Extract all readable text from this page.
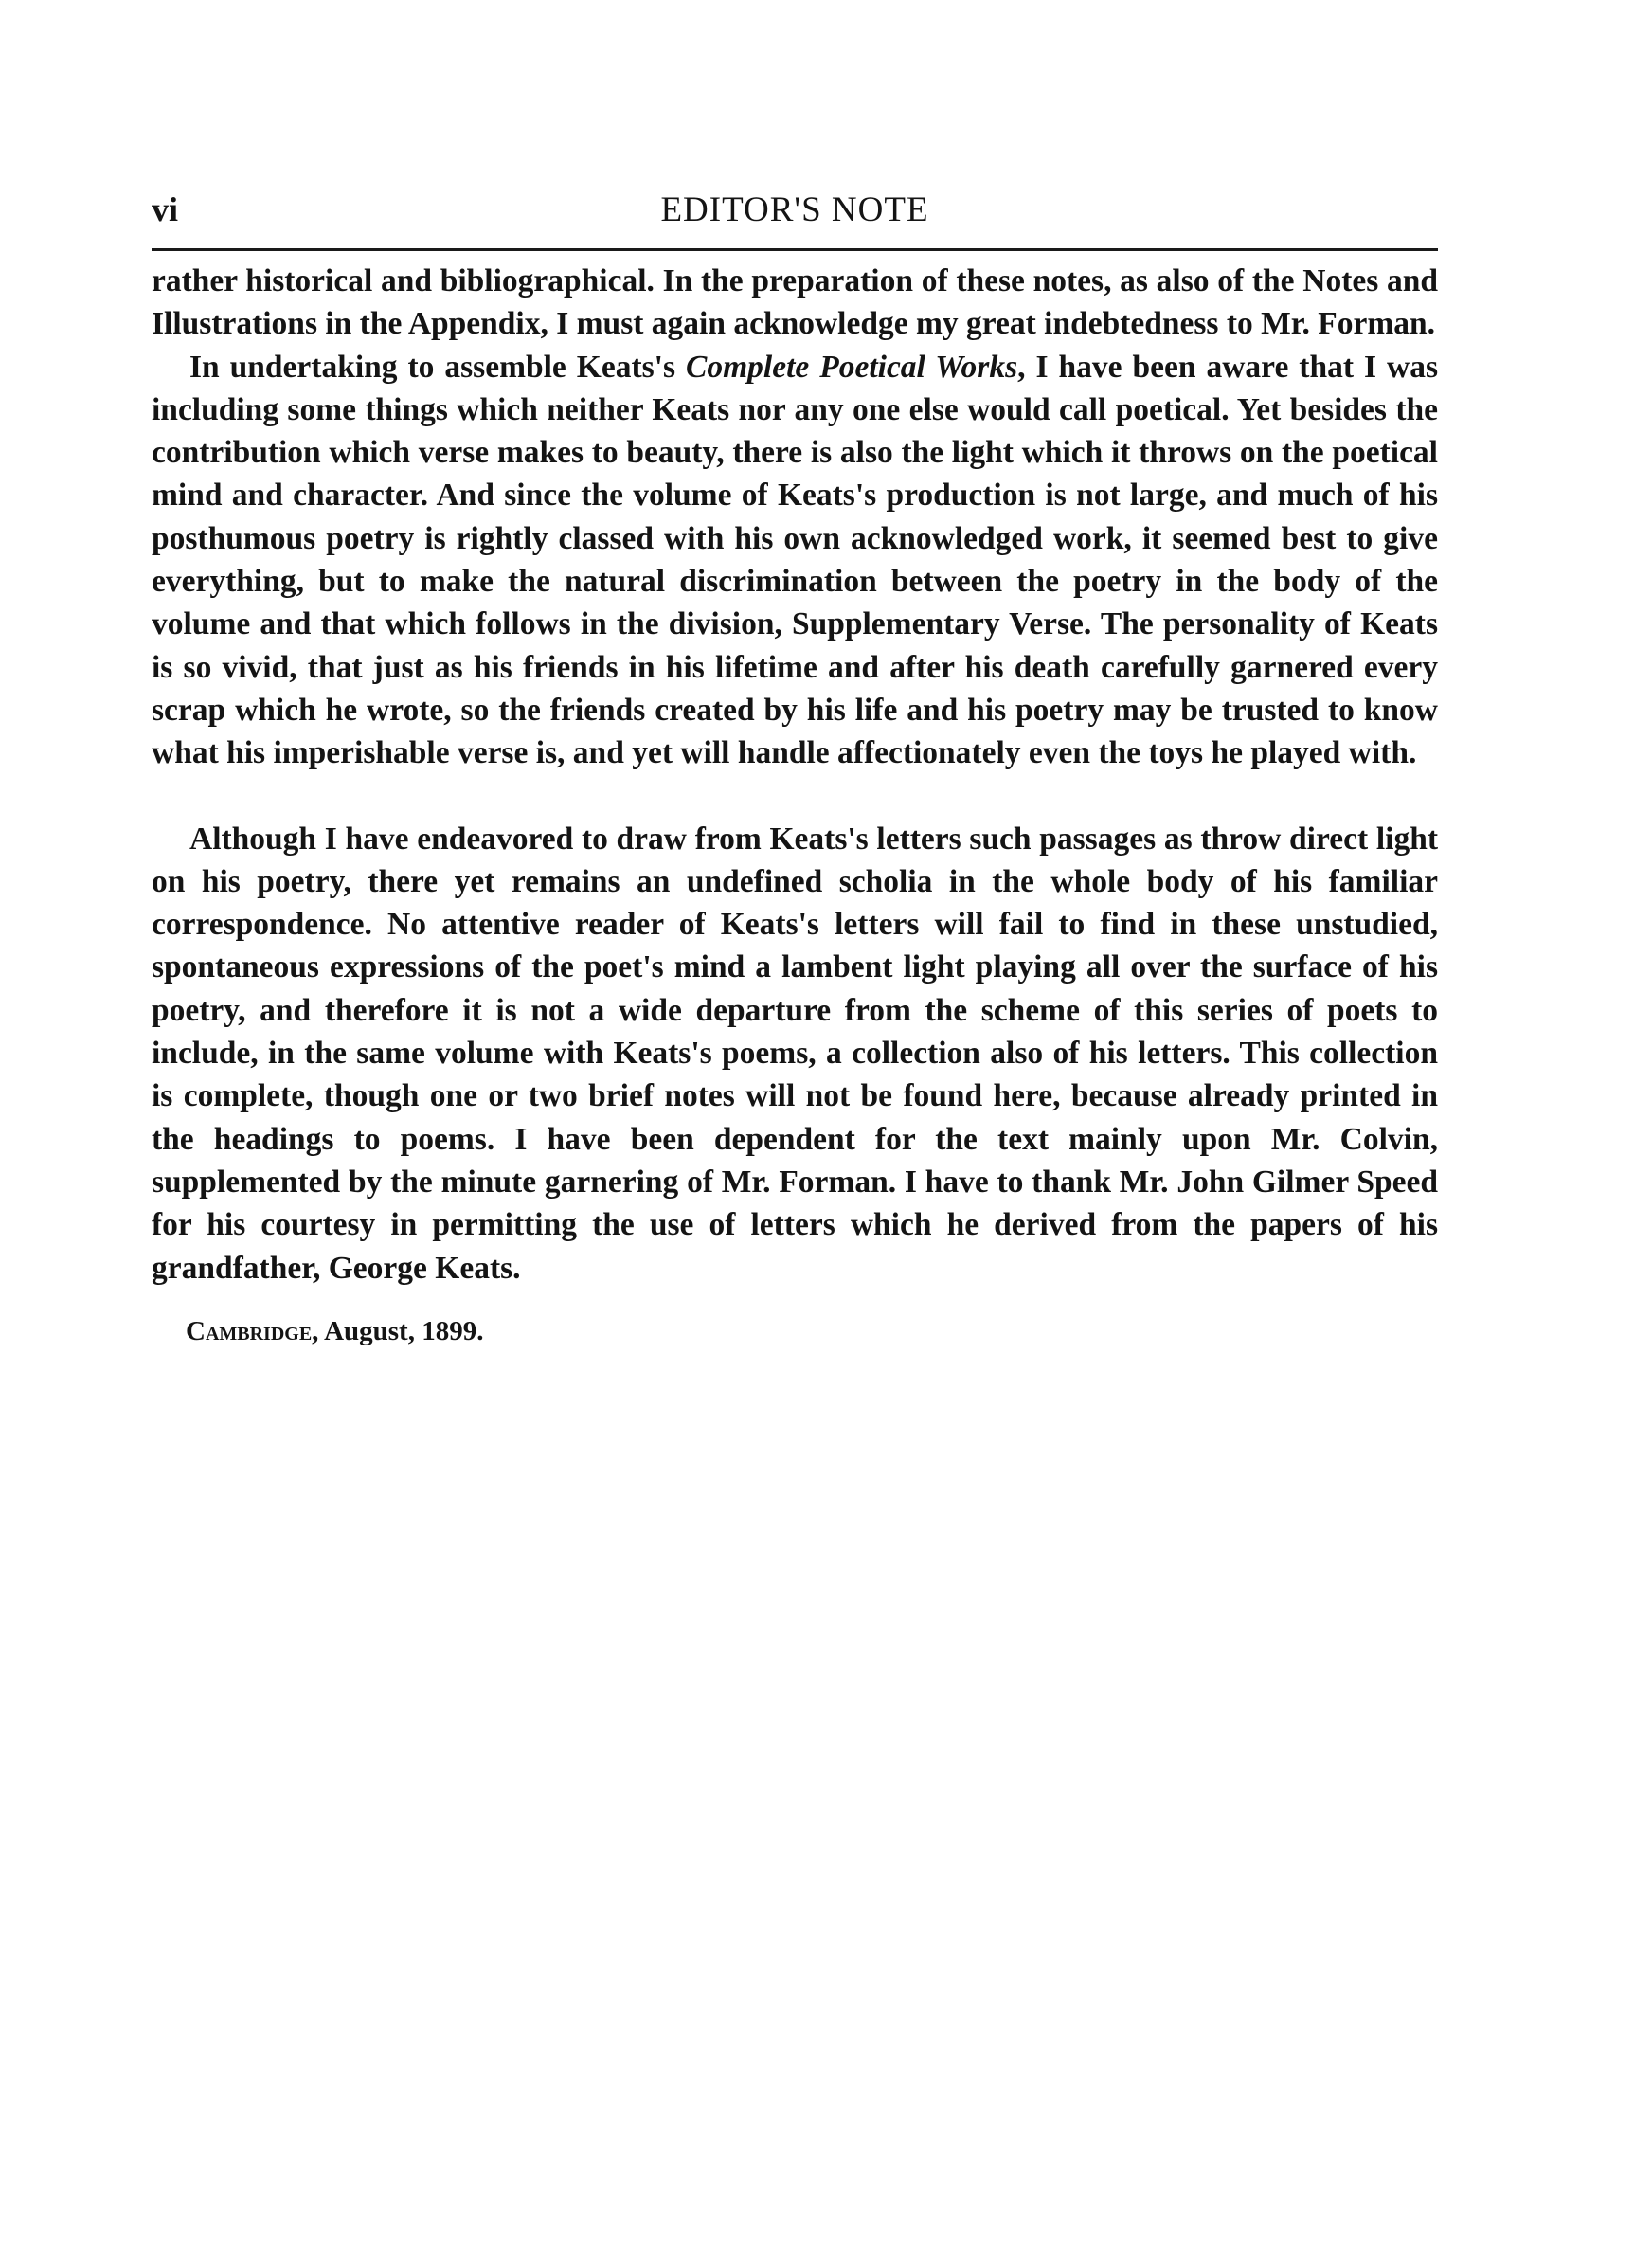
vi	EDITOR'S NOTE

rather historical and bibliographical. In the preparation of these notes, as also of the Notes and Illustrations in the Appendix, I must again acknowledge my great indebtedness to Mr. Forman.

In undertaking to assemble Keats's Complete Poetical Works, I have been aware that I was including some things which neither Keats nor any one else would call poetical. Yet besides the contribution which verse makes to beauty, there is also the light which it throws on the poetical mind and character. And since the volume of Keats's production is not large, and much of his posthumous poetry is rightly classed with his own acknowledged work, it seemed best to give everything, but to make the natural discrimination between the poetry in the body of the volume and that which follows in the division, Supplementary Verse. The personality of Keats is so vivid, that just as his friends in his lifetime and after his death carefully garnered every scrap which he wrote, so the friends created by his life and his poetry may be trusted to know what his imperishable verse is, and yet will handle affectionately even the toys he played with.

Although I have endeavored to draw from Keats's letters such passages as throw direct light on his poetry, there yet remains an undefined scholia in the whole body of his familiar correspondence. No attentive reader of Keats's letters will fail to find in these unstudied, spontaneous expressions of the poet's mind a lambent light playing all over the surface of his poetry, and therefore it is not a wide departure from the scheme of this series of poets to include, in the same volume with Keats's poems, a collection also of his letters. This collection is complete, though one or two brief notes will not be found here, because already printed in the headings to poems. I have been dependent for the text mainly upon Mr. Colvin, supplemented by the minute garnering of Mr. Forman. I have to thank Mr. John Gilmer Speed for his courtesy in permitting the use of letters which he derived from the papers of his grandfather, George Keats.

Cambridge, August, 1899.
